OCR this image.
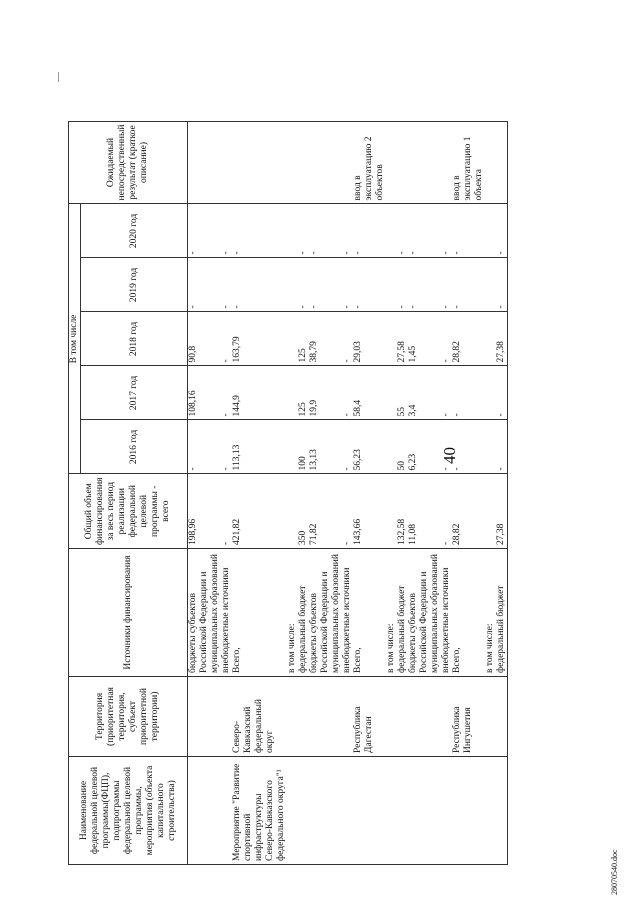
40
Наименование федеральной целевой программы(ФЦП), подпрограммы федеральной целевой программы, мероприятия (объекта капитального строительства)	Территория (приоритетная территория, субъект приоритетной территории)	Источники финансирования	Общий объем финансирования за весь период реализации федеральной целевой программы - всего	В том числе					Ожидаемый непосредственный результат (краткое описание)
				2016 год	2017 год	2018 год	2019 год	2020 год	
		бюджеты субъектов Российской Федерации и муниципальных образований	198,96	-	108,16	90,8	-	-	
		внебюджетные источники	-	-	-	-	-	-	
Мероприятие "Развитие спортивной инфраструктуры Северо-Кавказского федерального округа"¹	Северо-Кавказский федеральный округ	Всего,	421,82	113,13	144,9	163,79	-	-	
		в том числе:							
		федеральный бюджет	350	100	125	125	-	-	
		бюджеты субъектов Российской Федерации и муниципальных образований	71,82	13,13	19,9	38,79	-	-	
		внебюджетные источники	-	-	-	-	-	-	
	Республика Дагестан	Всего,	143,66	56,23	58,4	29,03	-	-	ввод в эксплуатацию 2 объектов
		в том числе:							
		федеральный бюджет	132,58	50	55	27,58	-	-	
		бюджеты субъектов Российской Федерации и муниципальных образований	11,08	6,23	3,4	1,45	-	-	
		внебюджетные источники	-	-	-	-	-	-	
	Республика Ингушетия	Всего,	28,82	-	-	28,82	-	-	ввод в эксплуатацию 1 объекта
		в том числе:							
		федеральный бюджет	27,38	-	-	27,38	-	-	
28070540.doc
